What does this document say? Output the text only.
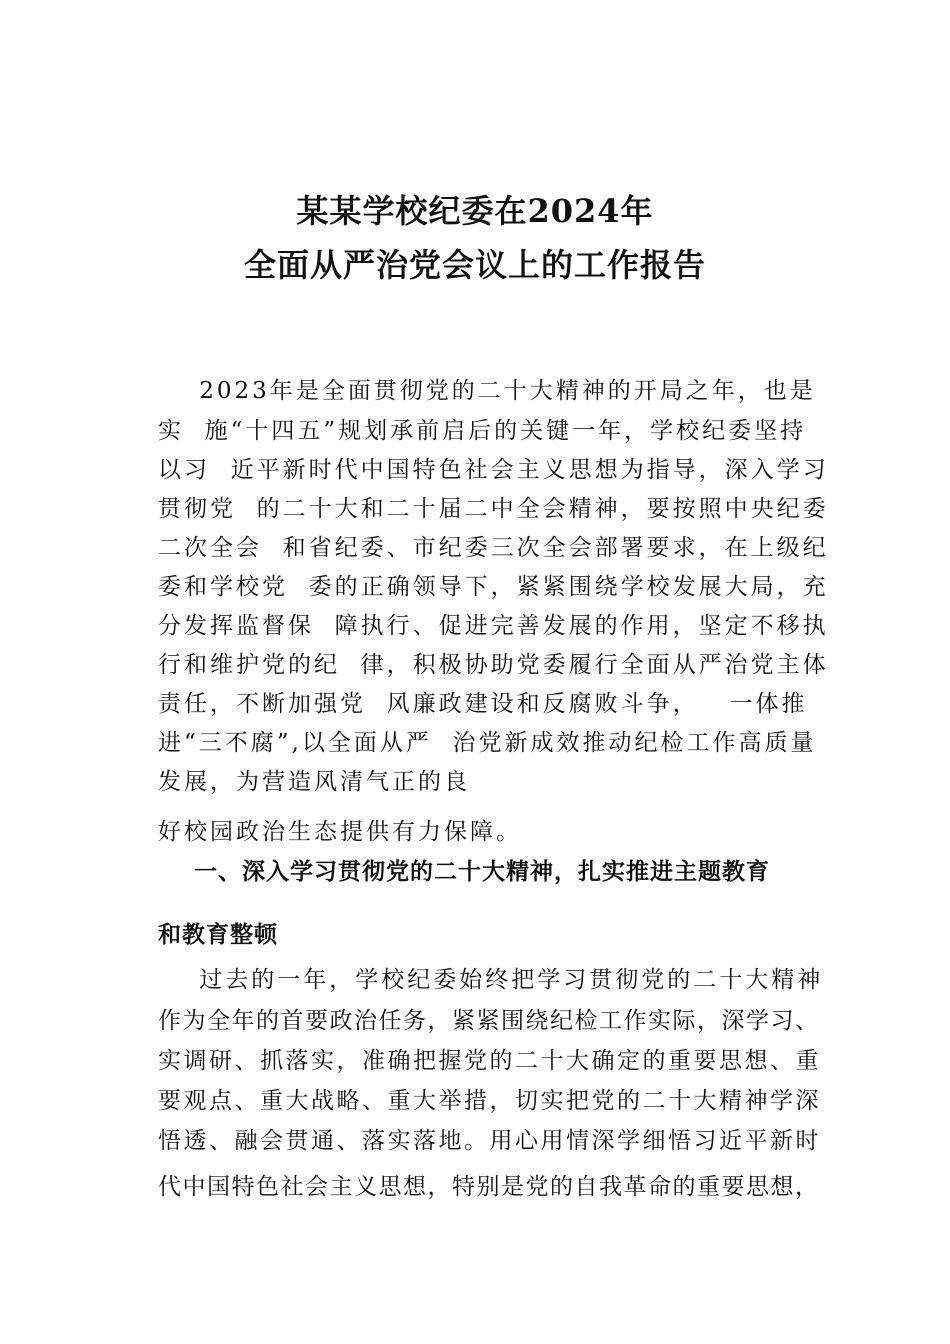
某某学校纪委在2024年
全面从严治党会议上的工作报告
2023年是全面贯彻党的二十大精神的开局之年，也是
实  施“十四五”规划承前启后的关键一年，学校纪委坚持
以习  近平新时代中国特色社会主义思想为指导，深入学习
贯彻党  的二十大和二十届二中全会精神，要按照中央纪委
二次全会  和省纪委、市纪委三次全会部署要求，在上级纪
委和学校党  委的正确领导下，紧紧围绕学校发展大局，充
分发挥监督保  障执行、促进完善发展的作用，坚定不移执
行和维护党的纪  律，积极协助党委履行全面从严治党主体
责任，不断加强党  风廉政建设和反腐败斗争，   一体推
进“三不腐”,以全面从严  治党新成效推动纪检工作高质量
发展，为营造风清气正的良
好校园政治生态提供有力保障。
一、深入学习贯彻党的二十大精神，扎实推进主题教育
和教育整顿
过去的一年，学校纪委始终把学习贯彻党的二十大精神
作为全年的首要政治任务，紧紧围绕纪检工作实际，深学习、
实调研、抓落实，准确把握党的二十大确定的重要思想、重
要观点、重大战略、重大举措，切实把党的二十大精神学深
悟透、融会贯通、落实落地。用心用情深学细悟习近平新时
代中国特色社会主义思想，特别是党的自我革命的重要思想，
